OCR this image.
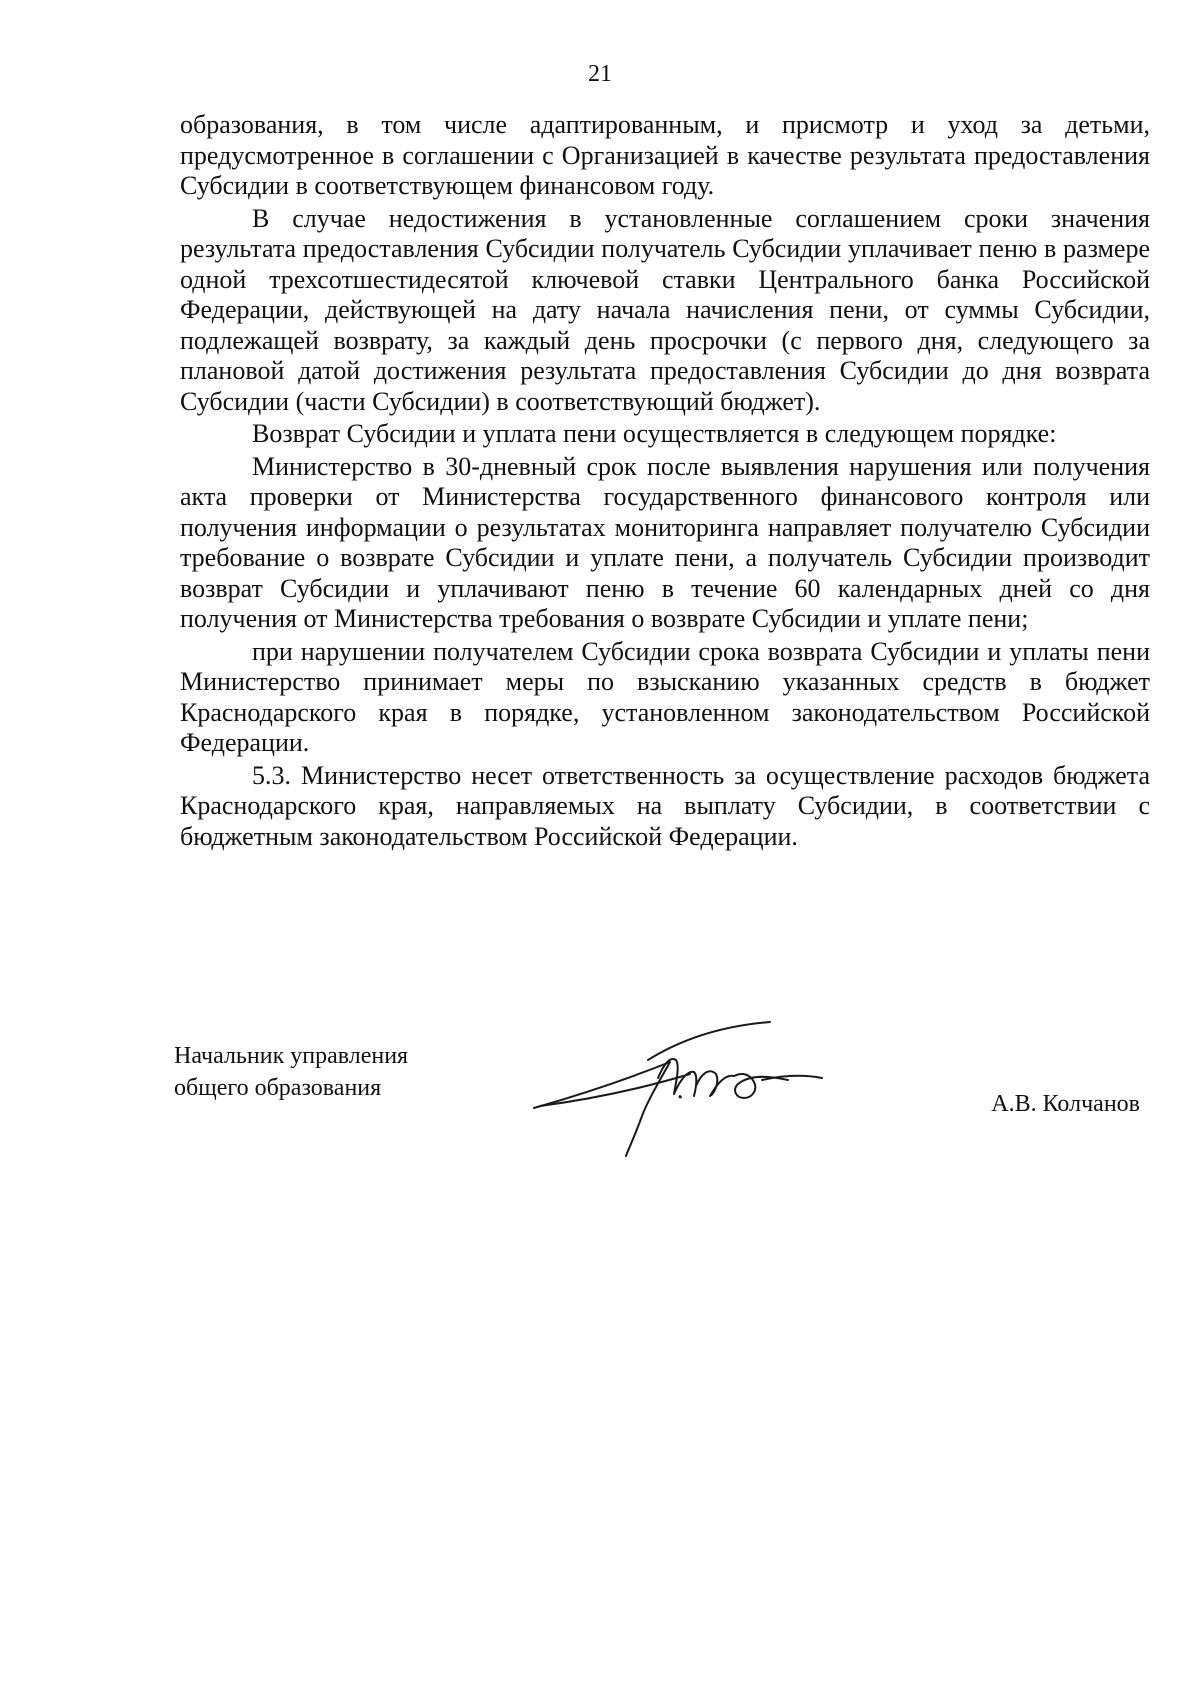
21

образования, в том числе адаптированным, и присмотр и уход за детьми, предусмотренное в соглашении с Организацией в качестве результата предоставления Субсидии в соответствующем финансовом году.

В случае недостижения в установленные соглашением сроки значения результата предоставления Субсидии получатель Субсидии уплачивает пеню в размере одной трехсотшестидесятой ключевой ставки Центрального банка Российской Федерации, действующей на дату начала начисления пени, от суммы Субсидии, подлежащей возврату, за каждый день просрочки (с первого дня, следующего за плановой датой достижения результата предоставления Субсидии до дня возврата Субсидии (части Субсидии) в соответствующий бюджет).

Возврат Субсидии и уплата пени осуществляется в следующем порядке:

Министерство в 30-дневный срок после выявления нарушения или получения акта проверки от Министерства государственного финансового контроля или получения информации о результатах мониторинга направляет получателю Субсидии требование о возврате Субсидии и уплате пени, а получатель Субсидии производит возврат Субсидии и уплачивают пеню в течение 60 календарных дней со дня получения от Министерства требования о возврате Субсидии и уплате пени;

при нарушении получателем Субсидии срока возврата Субсидии и уплаты пени Министерство принимает меры по взысканию указанных средств в бюджет Краснодарского края в порядке, установленном законодательством Российской Федерации.

5.3. Министерство несет ответственность за осуществление расходов бюджета Краснодарского края, направляемых на выплату Субсидии, в соответствии с бюджетным законодательством Российской Федерации.

Начальник управления
общего образования
А.В. Колчанов
